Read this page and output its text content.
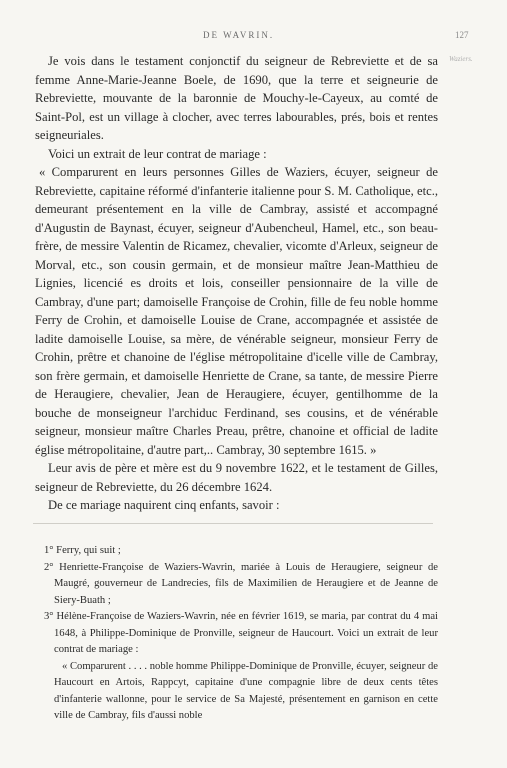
DE WAVRIN.	127
Waziers.

Je vois dans le testament conjonctif du seigneur de Rebreviette et de sa femme Anne-Marie-Jeanne Boele, de 1690, que la terre et seigneurie de Rebreviette, mouvante de la baronnie de Mouchy-le-Cayeux, au comté de Saint-Pol, est un village à clocher, avec terres labourables, prés, bois et rentes seigneuriales.

Voici un extrait de leur contrat de mariage :

« Comparurent en leurs personnes Gilles de Waziers, écuyer, seigneur de Rebreviette, capitaine réformé d'infanterie italienne pour S. M. Catholique, etc., demeurant présentement en la ville de Cambray, assisté et accompagné d'Augustin de Baynast, écuyer, seigneur d'Aubencheul, Hamel, etc., son beau-frère, de messire Valentin de Ricamez, chevalier, vicomte d'Arleux, seigneur de Morval, etc., son cousin germain, et de monsieur maître Jean-Matthieu de Lignies, licencié es droits et lois, conseiller pensionnaire de la ville de Cambray, d'une part; damoiselle Françoise de Crohin, fille de feu noble homme Ferry de Crohin, et damoiselle Louise de Crane, accompagnée et assistée de ladite damoiselle Louise, sa mère, de vénérable seigneur, monsieur Ferry de Crohin, prêtre et chanoine de l'église métropolitaine d'icelle ville de Cambray, son frère germain, et damoiselle Henriette de Crane, sa tante, de messire Pierre de Heraugiere, chevalier, Jean de Heraugiere, écuyer, gentilhomme de la bouche de monseigneur l'archiduc Ferdinand, ses cousins, et de vénérable seigneur, monsieur maître Charles Preau, prêtre, chanoine et official de ladite église métropolitaine, d'autre part,.. Cambray, 30 septembre 1615. »

Leur avis de père et mère est du 9 novembre 1622, et le testament de Gilles, seigneur de Rebreviette, du 26 décembre 1624.

De ce mariage naquirent cinq enfants, savoir :

1° Ferry, qui suit ;

2° Henriette-Françoise de Waziers-Wavrin, mariée à Louis de Heraugiere, seigneur de Maugré, gouverneur de Landrecies, fils de Maximilien de Heraugiere et de Jeanne de Siery-Buath ;

3° Hélène-Françoise de Waziers-Wavrin, née en février 1619, se maria, par contrat du 4 mai 1648, à Philippe-Dominique de Pronville, seigneur de Haucourt. Voici un extrait de leur contrat de mariage :

« Comparurent . . . . noble homme Philippe-Dominique de Pronville, écuyer, seigneur de Haucourt en Artois, Rappcyt, capitaine d'une compagnie libre de deux cents têtes d'infanterie wallonne, pour le service de Sa Majesté, présentement en garnison en cette ville de Cambray, fils d'aussi noble
